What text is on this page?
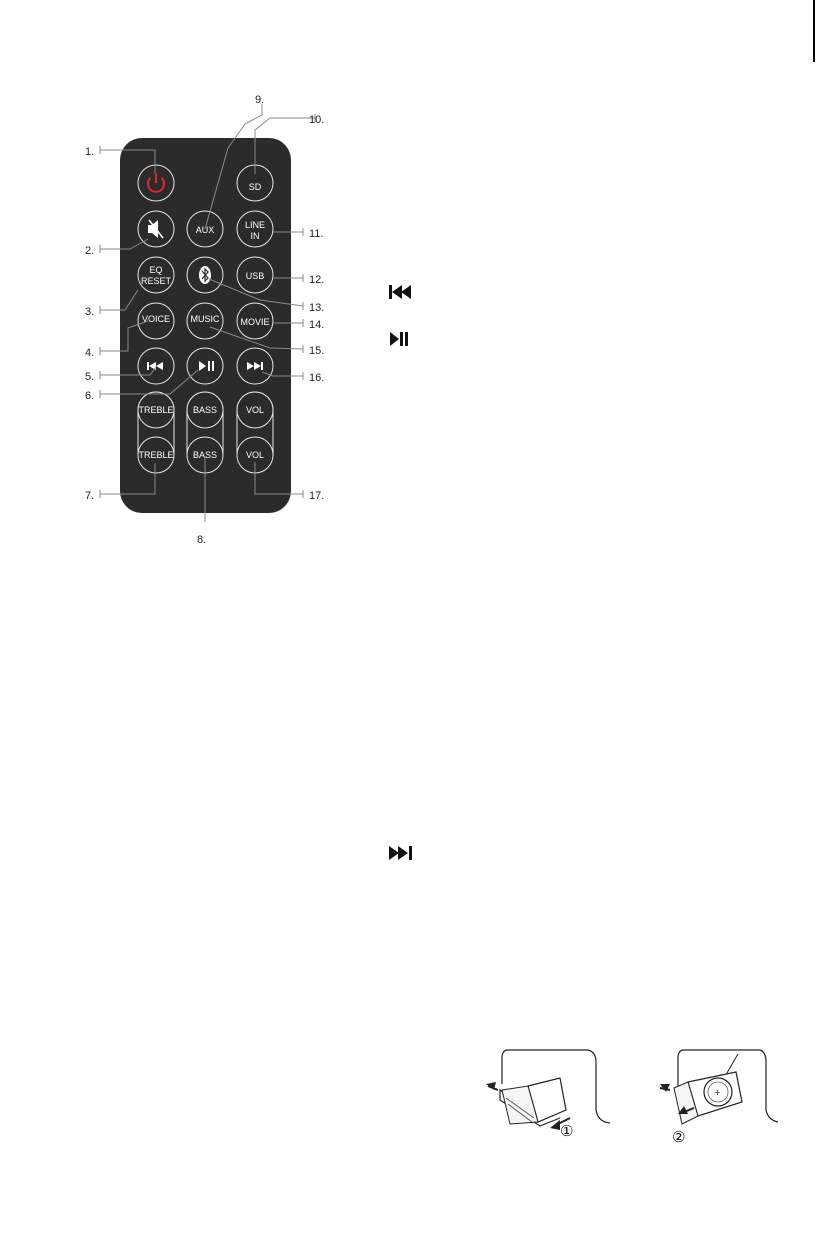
SD
AUX	LINE
IN
EQ
RESET	USB
VOICE MUSIC MOVIE
TREBLE
TREBLE
BASS
BASS
VOL
VOL
1.
2.
3.
4.
5.
6.
7.
8.
9.
10.
11.
12.
13.
14.
15.
16.
17.
①
+
②
